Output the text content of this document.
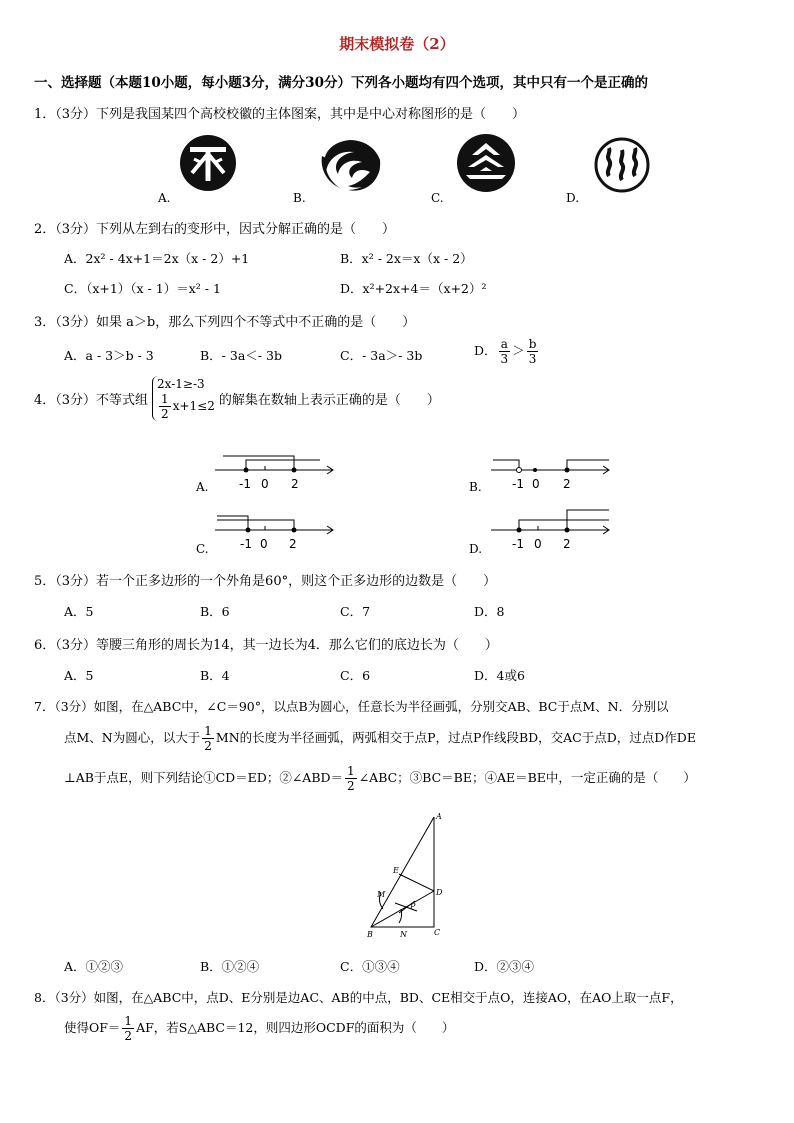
期末模拟卷（2）
一、选择题（本题10小题，每小题3分，满分30分）下列各小题均有四个选项，其中只有一个是正确的
1．（3分）下列是我国某四个高校校徽的主体图案，其中是中心对称图形的是（　　）
A.	B.	C.	D.
2．（3分）下列从左到右的变形中，因式分解正确的是（　　）
A．2x² - 4x+1＝2x（x - 2）+1	B．x² - 2x＝x（x - 2）
C．（x+1）（x - 1）＝x² - 1	D．x²+2x+4＝（x+2）²
3．（3分）如果 a＞b，那么下列四个不等式中不正确的是（　　）
A．a - 3＞b - 3	B．- 3a＜- 3b	C．- 3a＞- 3b	D． $\frac{a}{3} > \frac{b}{3}$
4．（3分）不等式组
2x-1≥-3
$\frac{1}{2} x+1\le 2$ 的解集在数轴上表示正确的是（　　）
-1 0 2	-1 0 2
-1 0 2	-1 0 2
A.	B.
C.	D.
5．（3分）若一个正多边形的一个外角是60°，则这个正多边形的边数是（　　）
A．5	B．6	C．7	D．8
6．（3分）等腰三角形的周长为14，其一边长为4．那么它们的底边长为（　　）
A．5	B．4	C．6	D．4或6
7．（3分）如图，在△ABC中，∠C＝90°，以点B为圆心，任意长为半径画弧，分别交AB、BC于点M、N．分别以
点M、N为圆心，以大于 $\frac{1}{2}$ MN的长度为半径画弧，两弧相交于点P，过点P作线段BD，交AC于点D，过点D作DE
⊥AB于点E，则下列结论①CD＝ED；②∠ABD＝ $\frac{1}{2}$ ∠ABC；③BC＝BE；④AE＝BE中，一定正确的是（　　）
A
E
M	D
P
B	N	C
A．①②③	B．①②④	C．①③④	D．②③④
8．（3分）如图，在△ABC中，点D、E分别是边AC、AB的中点，BD、CE相交于点O，连接AO，在AO上取一点F，
使得$OF= \frac{1}{2}$ AF，若S△ABC＝12，则四边形OCDF的面积为（　　）
